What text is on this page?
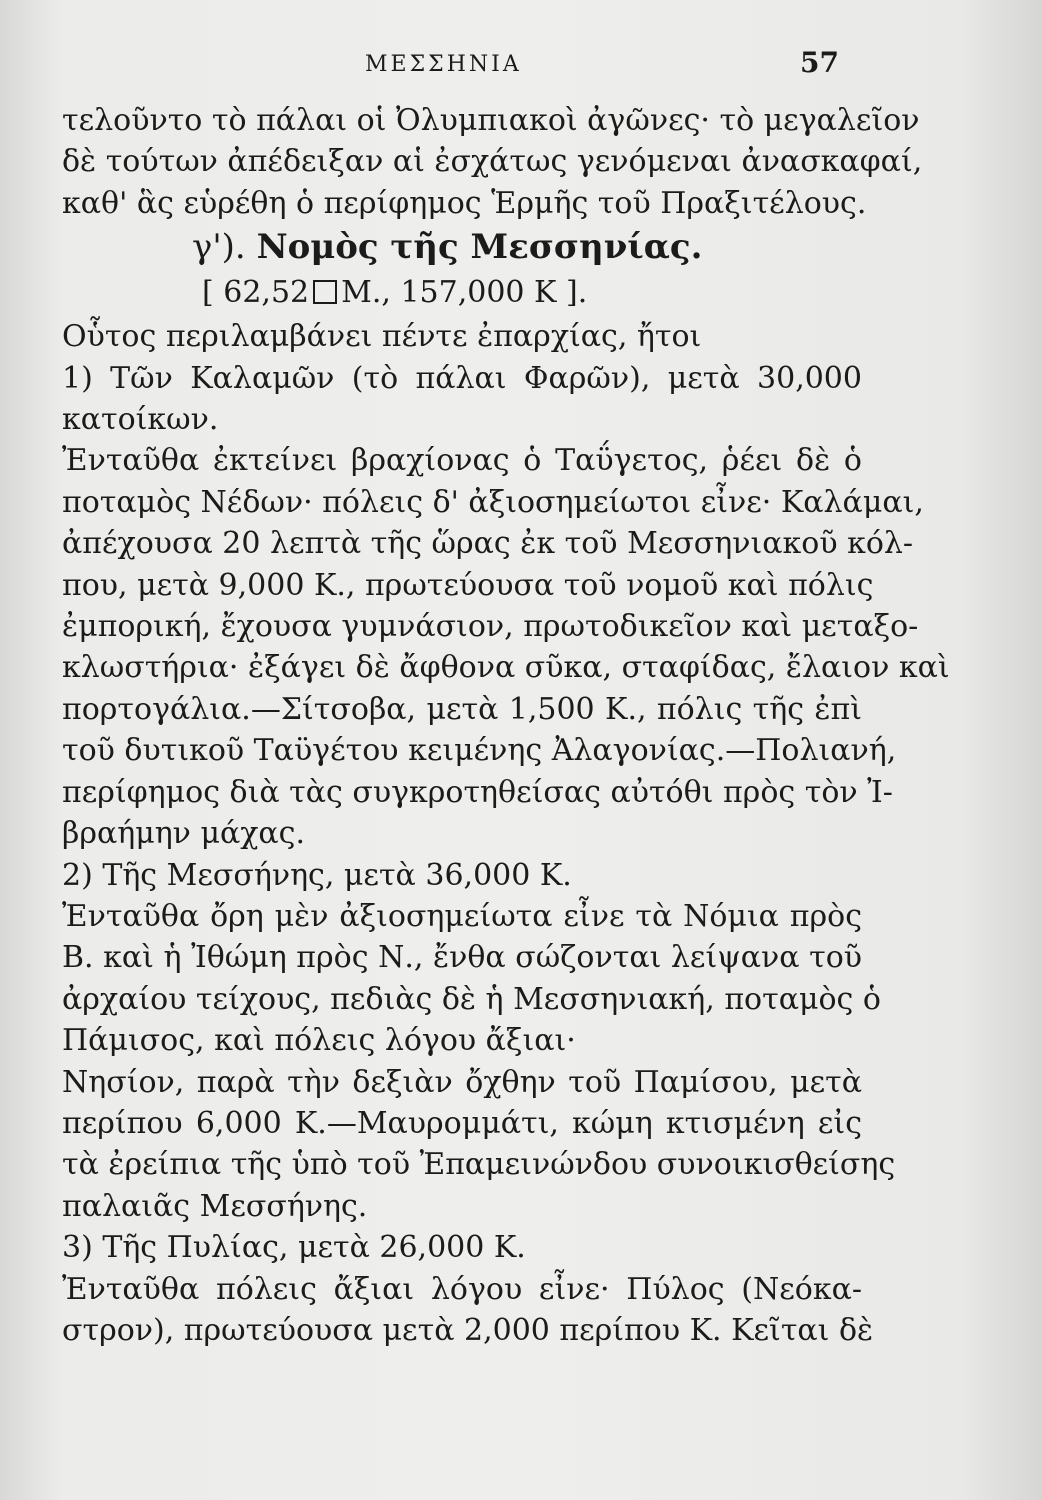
ΜΕΣΣΗΝΙΑ	57
τελοῦντο τὸ πάλαι οἱ Ὀλυμπιακοὶ ἀγῶνες· τὸ μεγαλεῖον
δὲ τούτων ἀπέδειξαν αἱ ἐσχάτως γενόμεναι ἀνασκαφαί,
καθ' ἃς εὑρέθη ὁ περίφημος Ἑρμῆς τοῦ Πραξιτέλους.
γ'). Νομὸς τῆς Μεσσηνίας.
[ 62,52 Μ., 157,000 Κ ].
Οὗτος περιλαμβάνει πέντε ἐπαρχίας, ἤτοι
1) Τῶν Καλαμῶν (τὸ πάλαι Φαρῶν), μετὰ 30,000
κατοίκων.
Ἐνταῦθα ἐκτείνει βραχίονας ὁ Ταΰγετος, ῥέει δὲ ὁ
ποταμὸς Νέδων· πόλεις δ' ἀξιοσημείωτοι εἶνε· Καλάμαι,
ἀπέχουσα 20 λεπτὰ τῆς ὥρας ἐκ τοῦ Μεσσηνιακοῦ κόλ-
που, μετὰ 9,000 Κ., πρωτεύουσα τοῦ νομοῦ καὶ πόλις
ἐμπορική, ἔχουσα γυμνάσιον, πρωτοδικεῖον καὶ μεταξο-
κλωστήρια· ἐξάγει δὲ ἄφθονα σῦκα, σταφίδας, ἔλαιον καὶ
πορτογάλια.—Σίτσοβα, μετὰ 1,500 Κ., πόλις τῆς ἐπὶ
τοῦ δυτικοῦ Ταϋγέτου κειμένης Ἀλαγονίας.—Πολιανή,
περίφημος διὰ τὰς συγκροτηθείσας αὐτόθι πρὸς τὸν Ἰ-
βραήμην μάχας.
2) Τῆς Μεσσήνης, μετὰ 36,000 Κ.
Ἐνταῦθα ὄρη μὲν ἀξιοσημείωτα εἶνε τὰ Νόμια πρὸς
Β. καὶ ἡ Ἰθώμη πρὸς Ν., ἔνθα σώζονται λείψανα τοῦ
ἀρχαίου τείχους, πεδιὰς δὲ ἡ Μεσσηνιακή, ποταμὸς ὁ
Πάμισος, καὶ πόλεις λόγου ἄξιαι·
Νησίον, παρὰ τὴν δεξιὰν ὄχθην τοῦ Παμίσου, μετὰ
περίπου 6,000 Κ.—Μαυρομμάτι, κώμη κτισμένη εἰς
τὰ ἐρείπια τῆς ὑπὸ τοῦ Ἐπαμεινώνδου συνοικισθείσης
παλαιᾶς Μεσσήνης.
3) Τῆς Πυλίας, μετὰ 26,000 Κ.
Ἐνταῦθα πόλεις ἄξιαι λόγου εἶνε· Πύλος (Νεόκα-
στρον), πρωτεύουσα μετὰ 2,000 περίπου Κ. Κεῖται δὲ
